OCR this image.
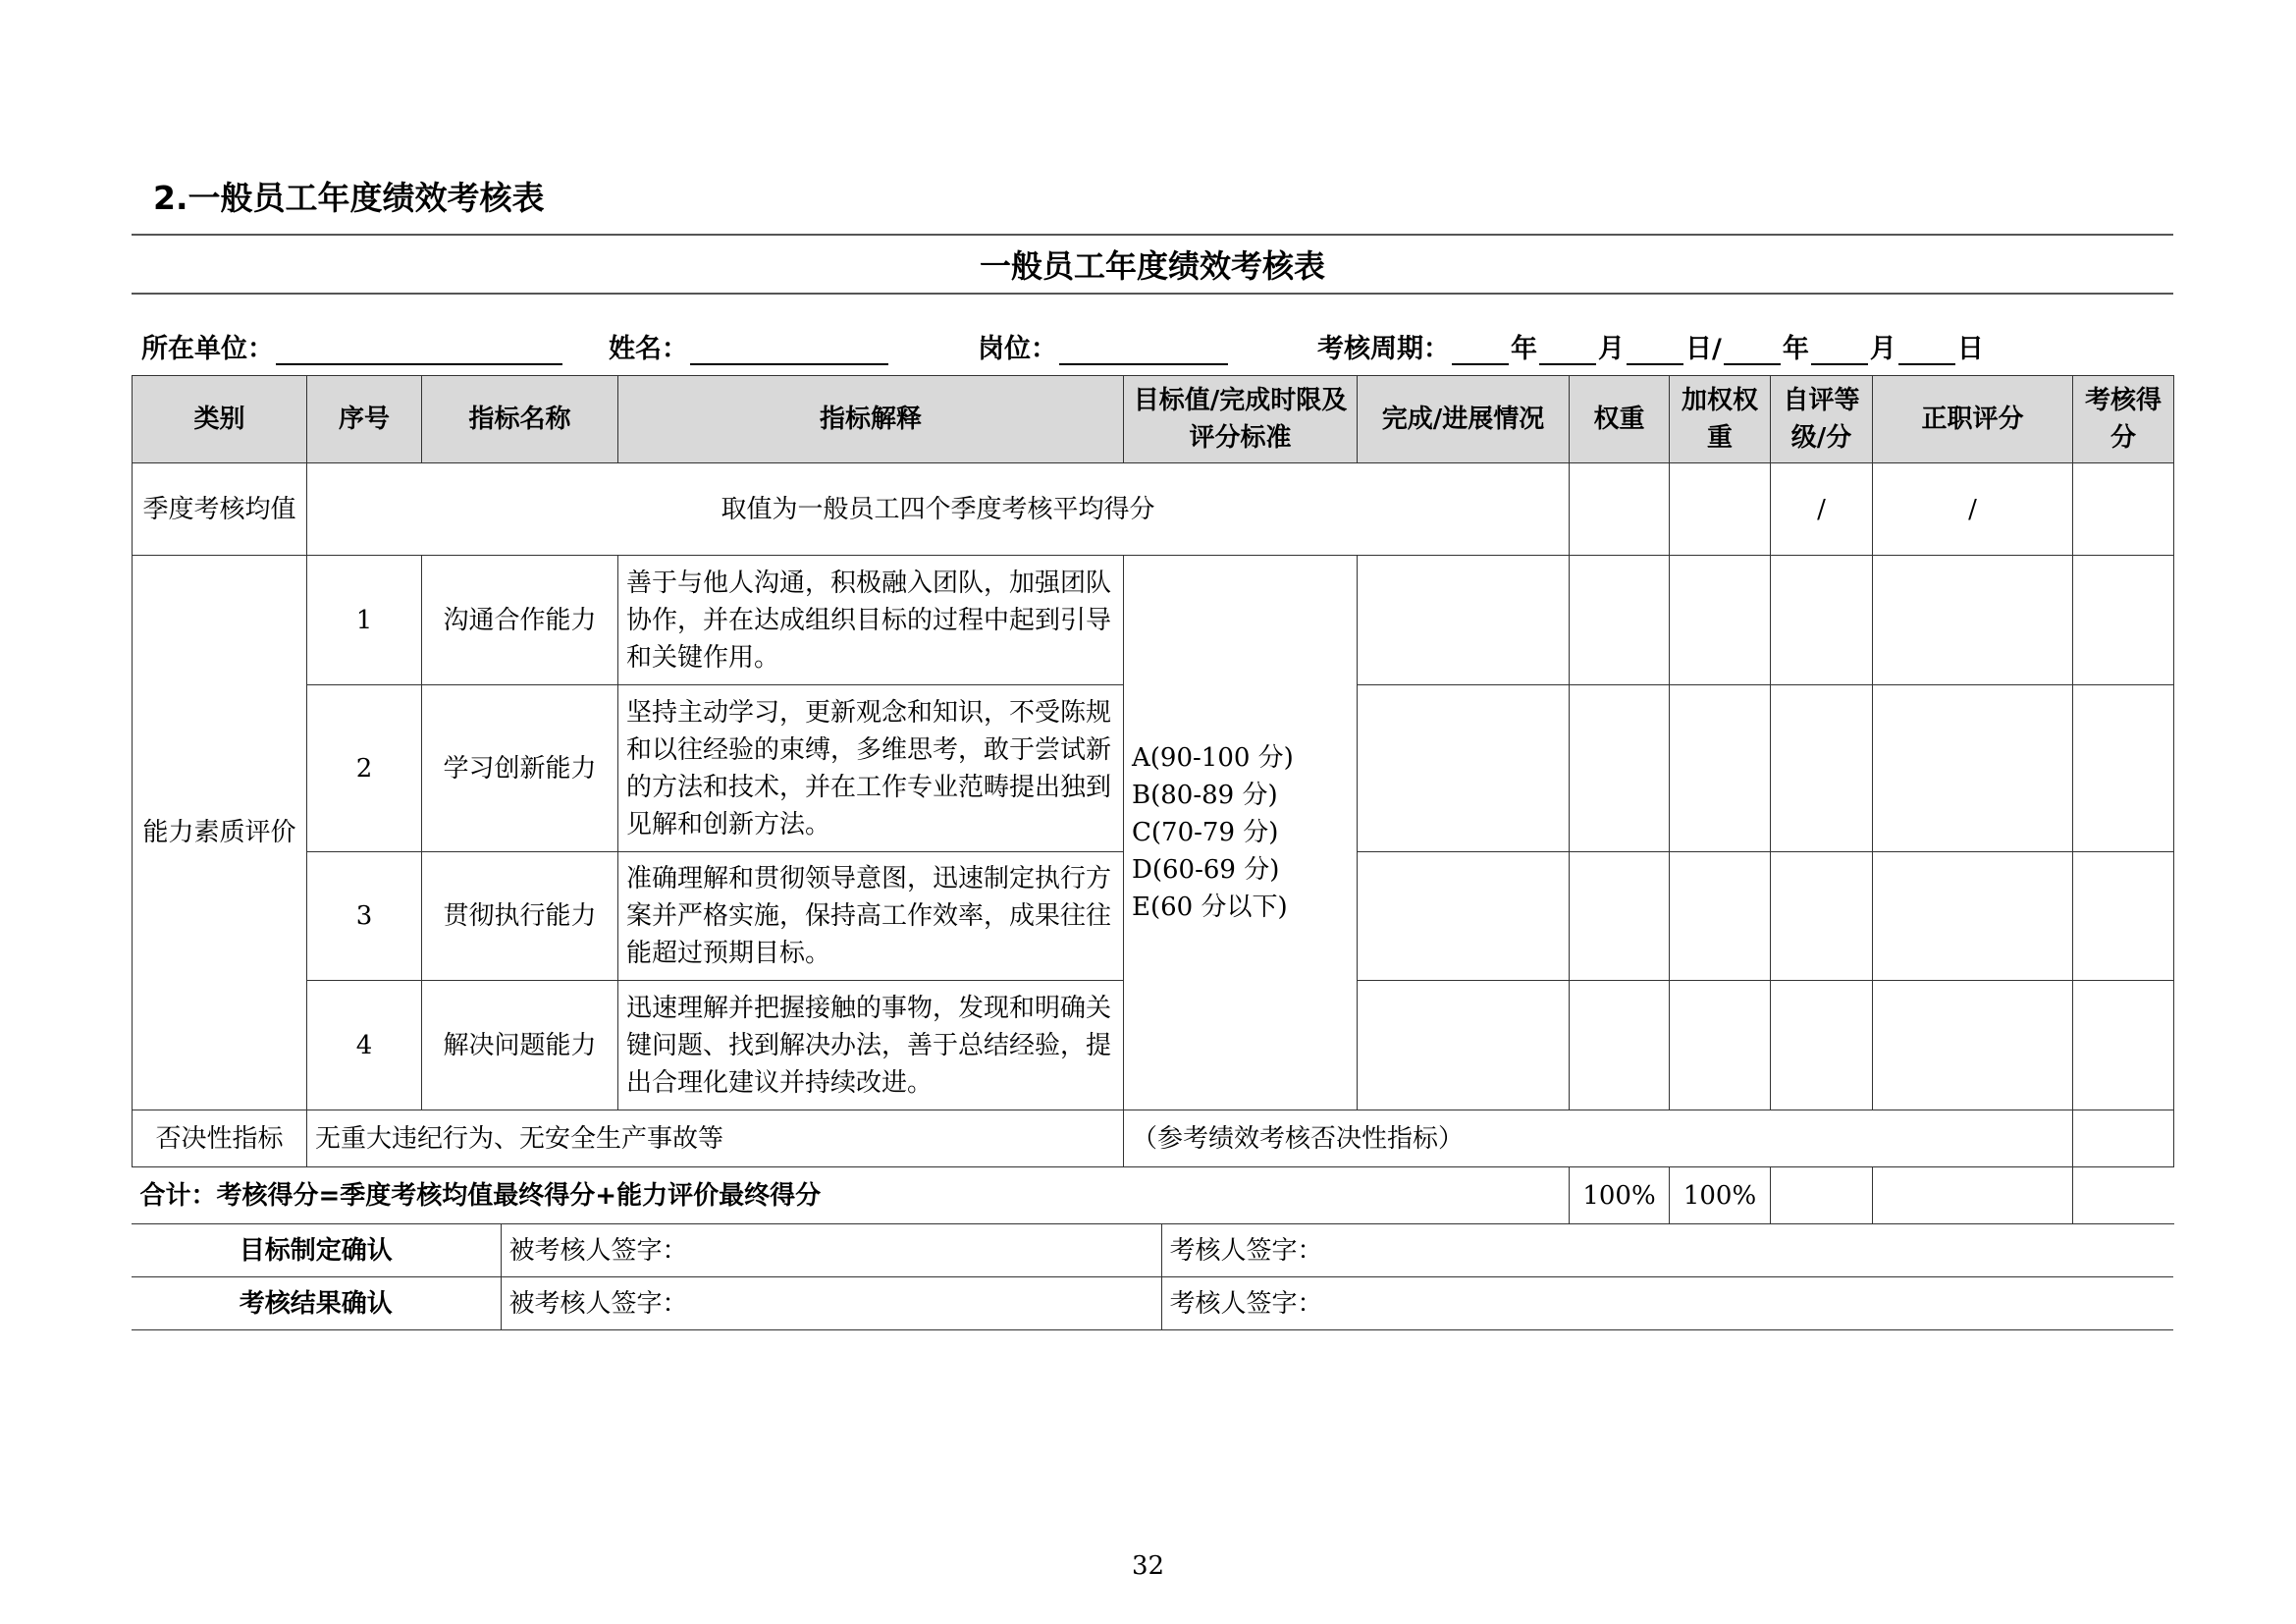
2.一般员工年度绩效考核表
一般员工年度绩效考核表
所在单位：	姓名：	岗位：	考核周期： 年 月 日/ 年 月 日
类别	序号	指标名称	指标解释	目标值/完成时限及评分标准	完成/进展情况	权重	加权权重	自评等级/分	正职评分	考核得分
季度考核均值	取值为一般员工四个季度考核平均得分							/	/	
能力素质评价	1	沟通合作能力	善于与他人沟通，积极融入团队，加强团队协作，并在达成组织目标的过程中起到引导和关键作用。	A(90-100 分)
B(80-89 分)
C(70-79 分)
D(60-69 分)
E(60 分以下)						

	2	学习创新能力	坚持主动学习，更新观念和知识，不受陈规和以往经验的束缚，多维思考，敢于尝试新的方法和技术，并在工作专业范畴提出独到见解和创新方法。							
	3	贯彻执行能力	准确理解和贯彻领导意图，迅速制定执行方案并严格实施，保持高工作效率，成果往往能超过预期目标。							
	4	解决问题能力	迅速理解并把握接触的事物，发现和明确关键问题、找到解决办法，善于总结经验，提出合理化建议并持续改进。							
否决性指标	无重大违纪行为、无安全生产事故等			（参考绩效考核否决性指标）						
合计：考核得分=季度考核均值最终得分+能力评价最终得分						100%	100%			
目标制定确认	被考核人签字：	考核人签字：
考核结果确认	被考核人签字：	考核人签字：
32
